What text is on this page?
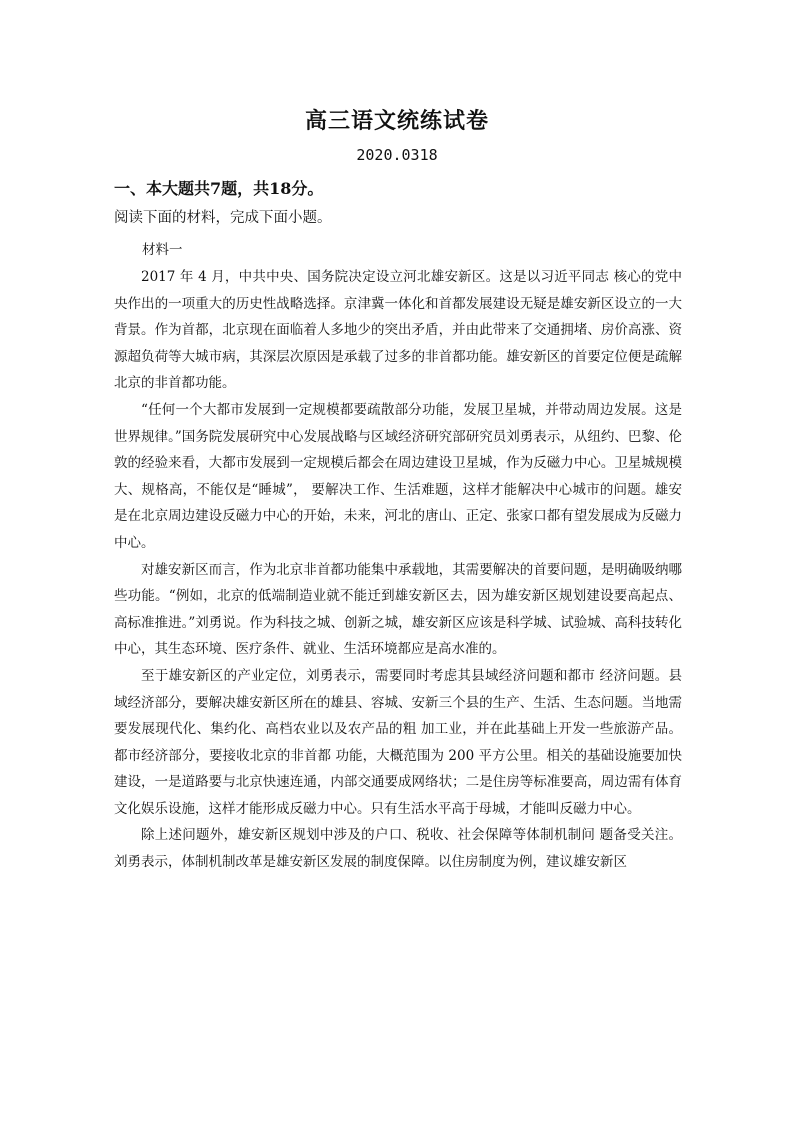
高三语文统练试卷
2020.0318
一、本大题共7题，共18分。
阅读下面的材料，完成下面小题。
材料一

2017 年 4 月，中共中央、国务院决定设立河北雄安新区。这是以习近平同志 核心的党中央作出的一项重大的历史性战略选择。京津冀一体化和首都发展建设无疑是雄安新区设立的一大背景。作为首都，北京现在面临着人多地少的突出矛盾，并由此带来了交通拥堵、房价高涨、资源超负荷等大城市病，其深层次原因是承载了过多的非首都功能。雄安新区的首要定位便是疏解北京的非首都功能。

“任何一个大都市发展到一定规模都要疏散部分功能，发展卫星城，并带动周边发展。这是世界规律。”国务院发展研究中心发展战略与区域经济研究部研究员刘勇表示，从纽约、巴黎、伦敦的经验来看，大都市发展到一定规模后都会在周边建设卫星城，作为反磁力中心。卫星城规模大、规格高，不能仅是“睡城”， 要解决工作、生活难题，这样才能解决中心城市的问题。雄安是在北京周边建设反磁力中心的开始，未来，河北的唐山、正定、张家口都有望发展成为反磁力中心。

对雄安新区而言，作为北京非首都功能集中承载地，其需要解决的首要问题，是明确吸纳哪些功能。“例如，北京的低端制造业就不能迁到雄安新区去，因为雄安新区规划建设要高起点、高标准推进。”刘勇说。作为科技之城、创新之城，雄安新区应该是科学城、试验城、高科技转化中心，其生态环境、医疗条件、就业、生活环境都应是高水准的。

至于雄安新区的产业定位，刘勇表示，需要同时考虑其县域经济问题和都市 经济问题。县域经济部分，要解决雄安新区所在的雄县、容城、安新三个县的生产、生活、生态问题。当地需要发展现代化、集约化、高档农业以及农产品的粗 加工业，并在此基础上开发一些旅游产品。都市经济部分，要接收北京的非首都 功能，大概范围为 200 平方公里。相关的基础设施要加快建设，一是道路要与北京快速连通，内部交通要成网络状；二是住房等标准要高，周边需有体育文化娱乐设施，这样才能形成反磁力中心。只有生活水平高于母城，才能叫反磁力中心。

除上述问题外，雄安新区规划中涉及的户口、税收、社会保障等体制机制问 题备受关注。刘勇表示，体制机制改革是雄安新区发展的制度保障。以住房制度为例，建议雄安新区
